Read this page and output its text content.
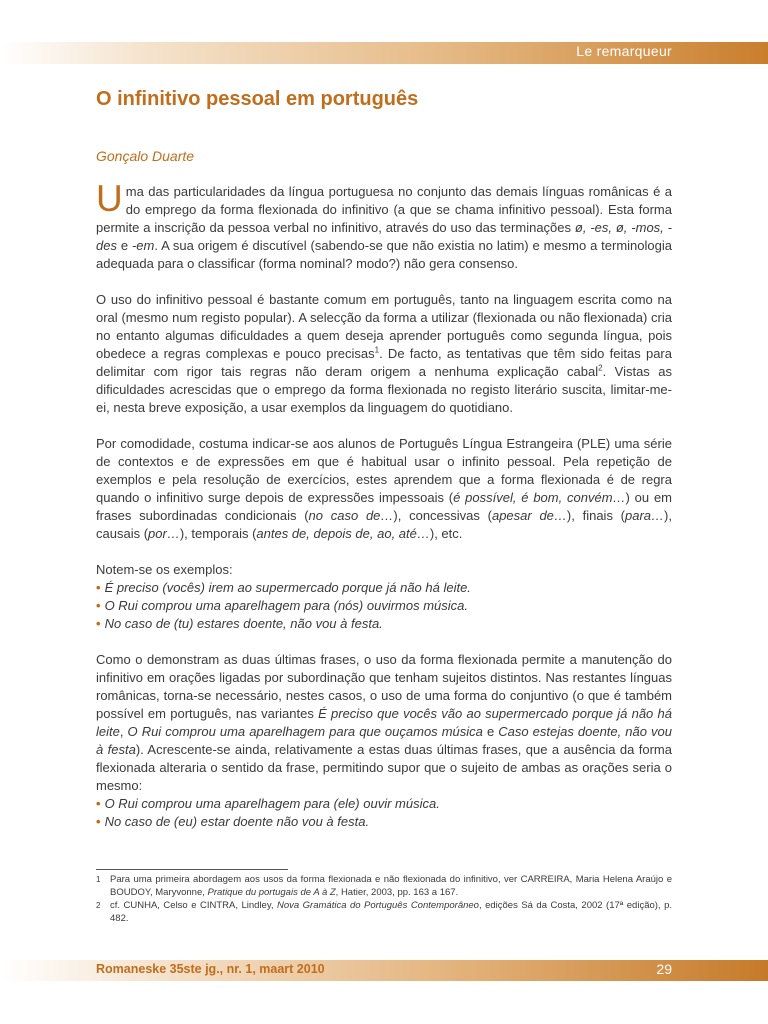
Le remarqueur
O infinitivo pessoal em português
Gonçalo Duarte

U ma das particularidades da língua portuguesa no conjunto das demais línguas românicas é a do emprego da forma flexionada do infinitivo (a que se chama infinitivo pessoal). Esta forma permite a inscrição da pessoa verbal no infinitivo, através do uso das terminações ø, -es, ø, -mos, -des e -em. A sua origem é discutível (sabendo-se que não existia no latim) e mesmo a terminologia adequada para o classificar (forma nominal? modo?) não gera consenso.

O uso do infinitivo pessoal é bastante comum em português, tanto na linguagem escrita como na oral (mesmo num registo popular). A selecção da forma a utilizar (flexionada ou não flexionada) cria no entanto algumas dificuldades a quem deseja aprender português como segunda língua, pois obedece a regras complexas e pouco precisas$^1$. De facto, as tentativas que têm sido feitas para delimitar com rigor tais regras não deram origem a nenhuma explicação cabal$^2$. Vistas as dificuldades acrescidas que o emprego da forma flexionada no registo literário suscita, limitar-me-ei, nesta breve exposição, a usar exemplos da linguagem do quotidiano.

Por comodidade, costuma indicar-se aos alunos de Português Língua Estrangeira (PLE) uma série de contextos e de expressões em que é habitual usar o infinito pessoal. Pela repetição de exemplos e pela resolução de exercícios, estes aprendem que a forma flexionada é de regra quando o infinitivo surge depois de expressões impessoais (é possível, é bom, convém…) ou em frases subordinadas condicionais (no caso de…), concessivas (apesar de…), finais (para…), causais (por…), temporais (antes de, depois de, ao, até…), etc.

Notem-se os exemplos:
• É preciso (vocês) irem ao supermercado porque já não há leite.
• O Rui comprou uma aparelhagem para (nós) ouvirmos música.
• No caso de (tu) estares doente, não vou à festa.

Como o demonstram as duas últimas frases, o uso da forma flexionada permite a manutenção do infinitivo em orações ligadas por subordinação que tenham sujeitos distintos. Nas restantes línguas românicas, torna-se necessário, nestes casos, o uso de uma forma do conjuntivo (o que é também possível em português, nas variantes É preciso que vocês vão ao supermercado porque já não há leite, O Rui comprou uma aparelhagem para que ouçamos música e Caso estejas doente, não vou à festa). Acrescente-se ainda, relativamente a estas duas últimas frases, que a ausência da forma flexionada alteraria o sentido da frase, permitindo supor que o sujeito de ambas as orações seria o mesmo:

• O Rui comprou uma aparelhagem para (ele) ouvir música.
• No caso de (eu) estar doente não vou à festa.
1	Para uma primeira abordagem aos usos da forma flexionada e não flexionada do infinitivo, ver CARREIRA, Maria Helena Araújo e BOUDOY, Maryvonne, Pratique du portugais de A à Z, Hatier, 2003, pp. 163 a 167.
2	cf. CUNHA, Celso e CINTRA, Lindley, Nova Gramática do Português Contemporâneo, edições Sá da Costa, 2002 (17ª edição), p. 482.
Romaneske 35ste jg., nr. 1, maart 2010	29
